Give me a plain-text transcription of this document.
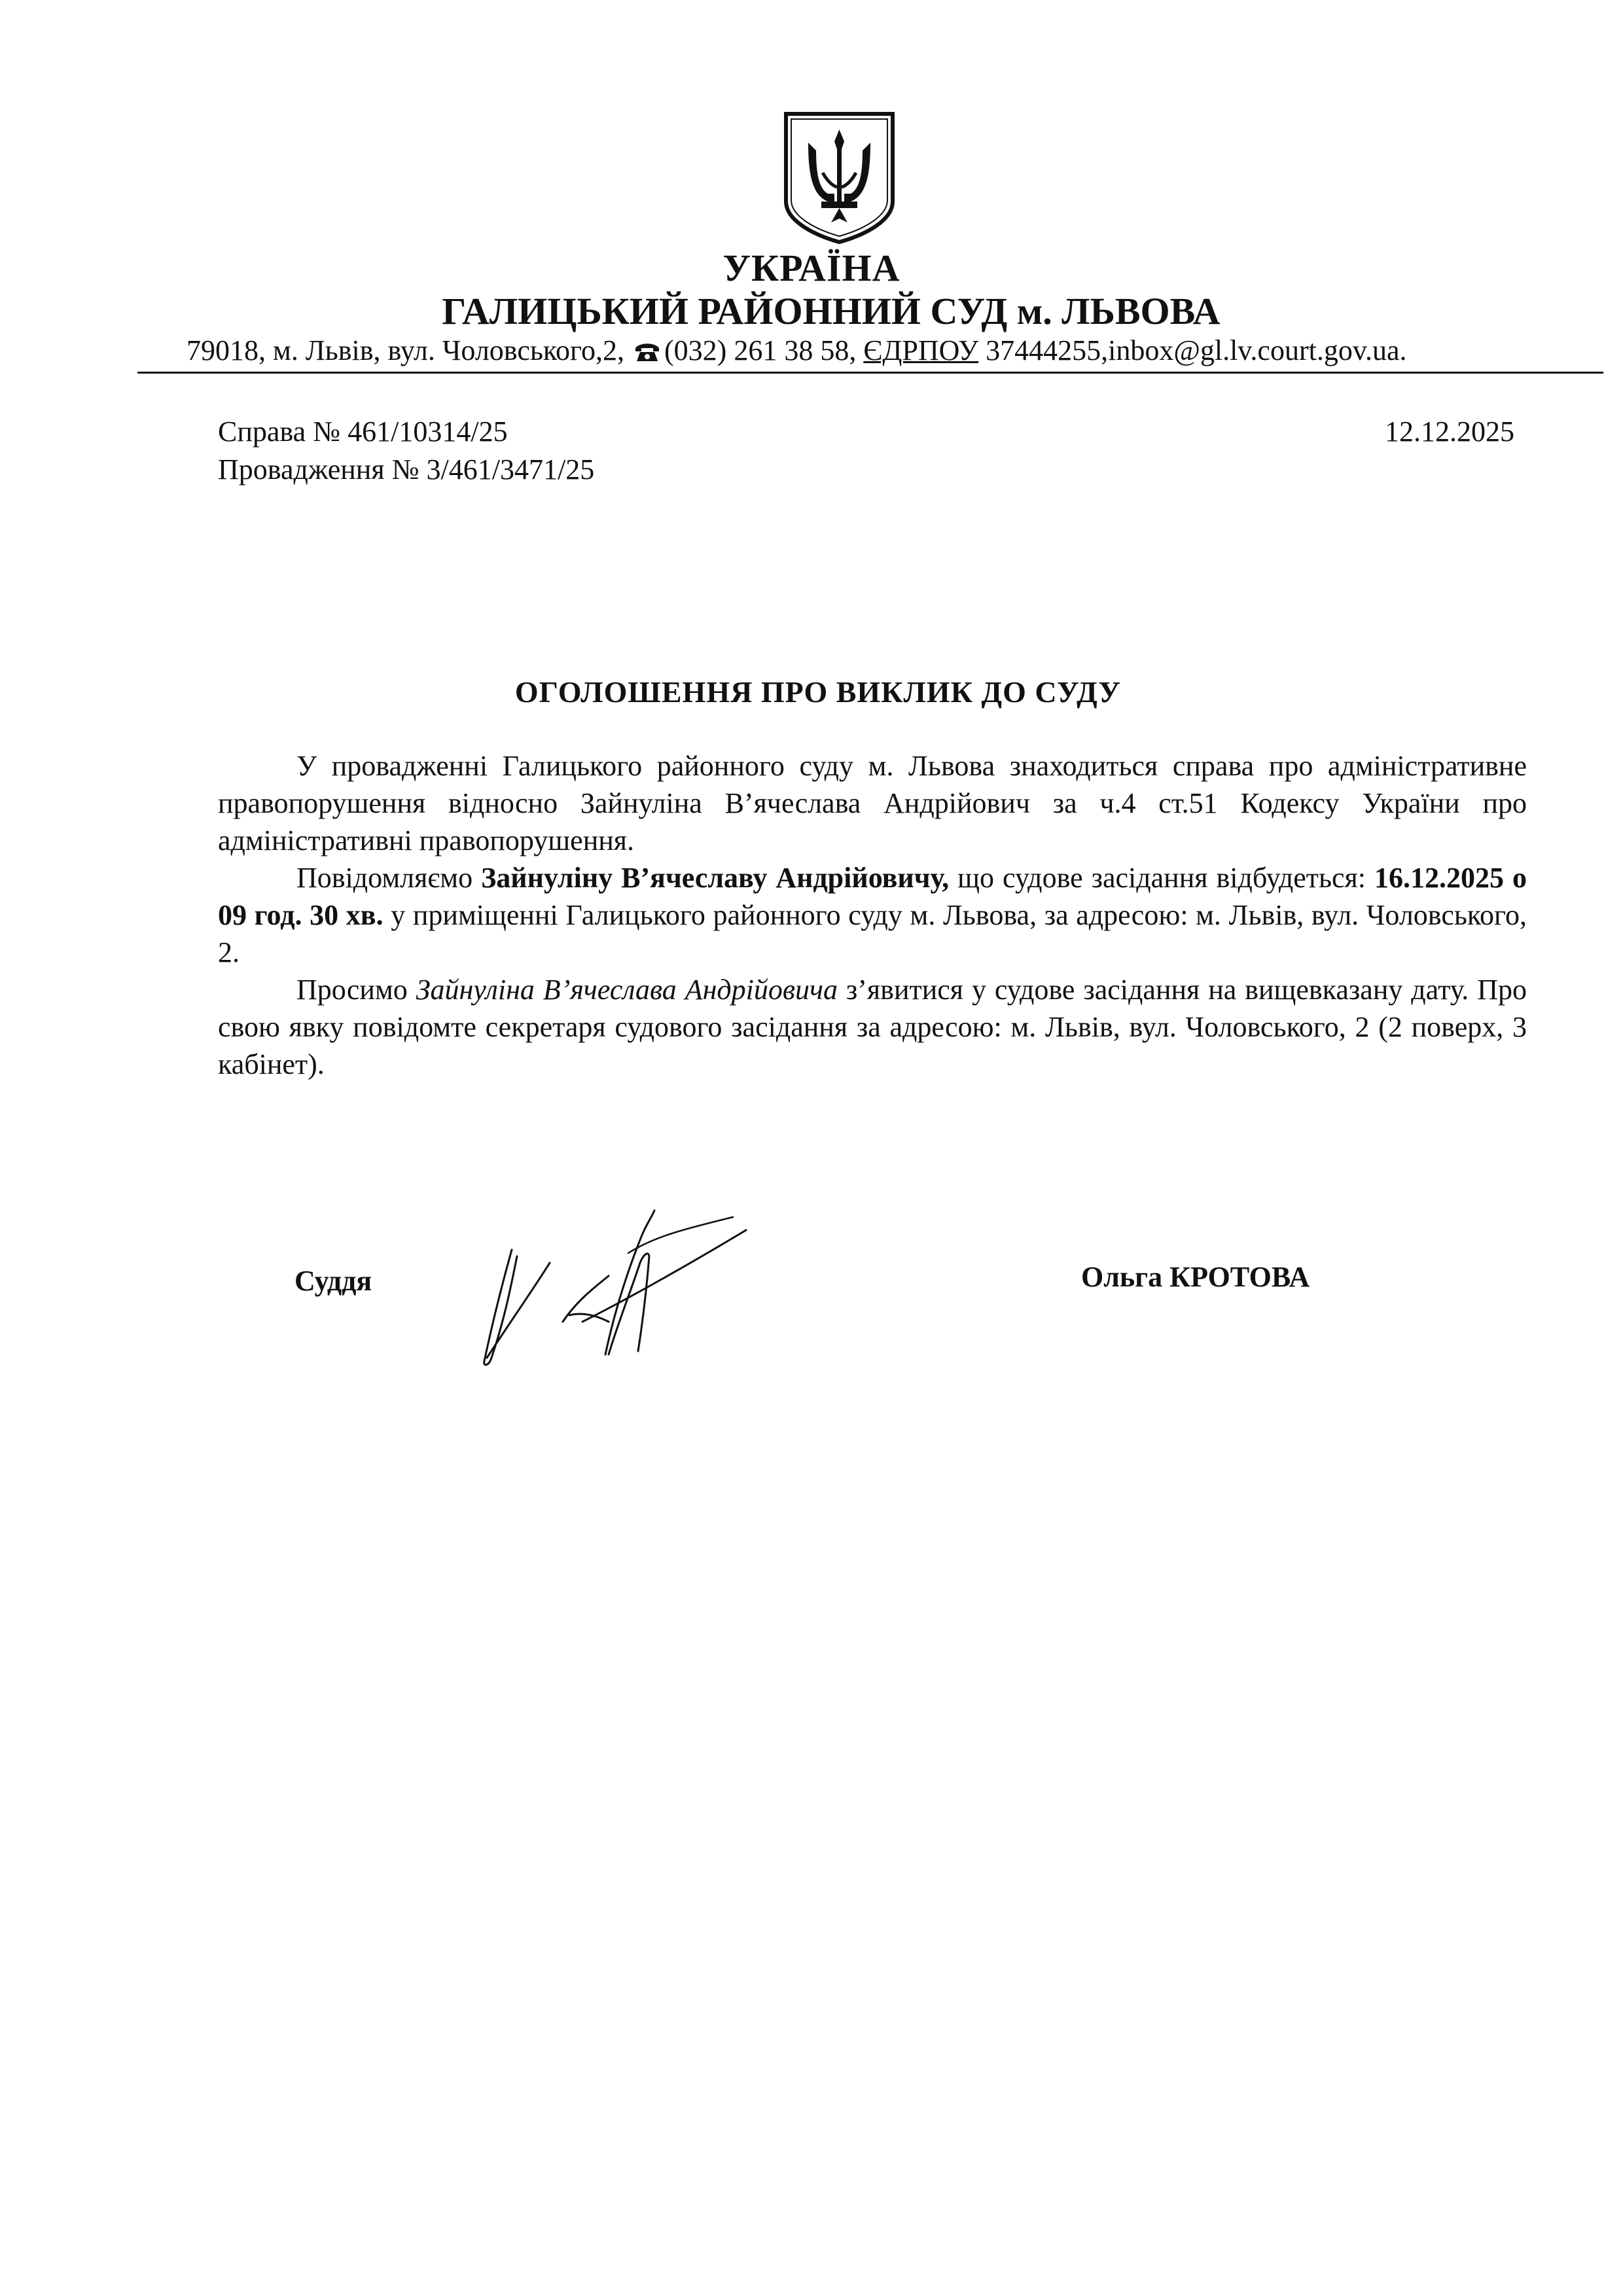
УКРАЇНА
ГАЛИЦЬКИЙ РАЙОННИЙ СУД м. ЛЬВОВА
79018, м. Львів, вул. Чоловського,2, (032) 261 38 58, ЄДРПОУ 37444255,inbox@gl.lv.court.gov.ua.
Справа № 461/10314/25
Провадження № 3/461/3471/25
12.12.2025
ОГОЛОШЕННЯ ПРО ВИКЛИК ДО СУДУ

У провадженні Галицького районного суду м. Львова знаходиться справа про адміністративне правопорушення відносно Зайнуліна В’ячеслава Андрійович за ч.4 ст.51 Кодексу України про адміністративні правопорушення.

Повідомляємо Зайнуліну В’ячеславу Андрійовичу, що судове засідання відбудеться: 16.12.2025 о 09 год. 30 хв. у приміщенні Галицького районного суду м. Львова, за адресою: м. Львів, вул. Чоловського, 2.

Просимо Зайнуліна В’ячеслава Андрійовича з’явитися у судове засідання на вищевказану дату. Про свою явку повідомте секретаря судового засідання за адресою: м. Львів, вул. Чоловського, 2 (2 поверх, 3 кабінет).

Суддя	Ольга КРОТОВА
